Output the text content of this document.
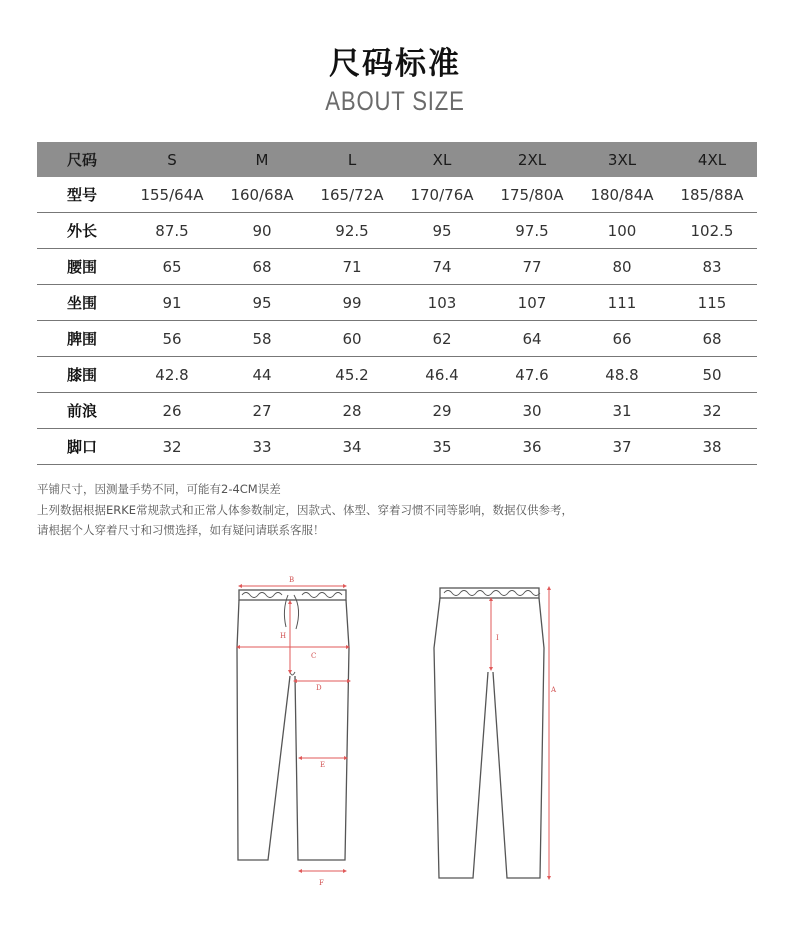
尺码标准
ABOUT SIZE
尺码	S	M	L	XL	2XL	3XL	4XL
型号	155/64A	160/68A	165/72A	170/76A	175/80A	180/84A	185/88A
外长	87.5	90	92.5	95	97.5	100	102.5
腰围	65	68	71	74	77	80	83
坐围	91	95	99	103	107	111	115
脾围	56	58	60	62	64	66	68
膝围	42.8	44	45.2	46.4	47.6	48.8	50
前浪	26	27	28	29	30	31	32
脚口	32	33	34	35	36	37	38
平铺尺寸，因测量手势不同，可能有2-4CM误差
上列数据根据ERKE常规款式和正常人体参数制定，因款式、体型、穿着习惯不同等影响，数据仅供参考，
请根据个人穿着尺寸和习惯选择，如有疑问请联系客服！
B
H
C
D
E
F
I
A
